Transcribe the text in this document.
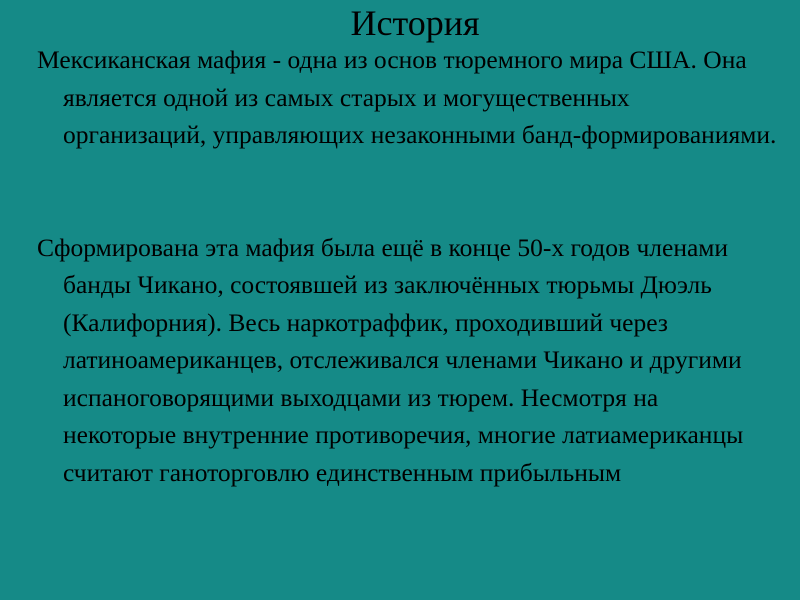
История

Мексиканская мафия - одна из основ тюремного мира США. Она является одной из самых старых и могущественных организаций, управляющих незаконными банд-формированиями.

Сформирована эта мафия была ещё в конце 50-х годов членами банды Чикано, состоявшей из заключённых тюрьмы Дюэль (Калифорния). Весь наркотраффик, проходивший через латиноамериканцев, отслеживался членами Чикано и другими испаноговорящими выходцами из тюрем. Несмотря на некоторые внутренние противоречия, многие латиамериканцы считают ганоторговлю единственным прибыльным
